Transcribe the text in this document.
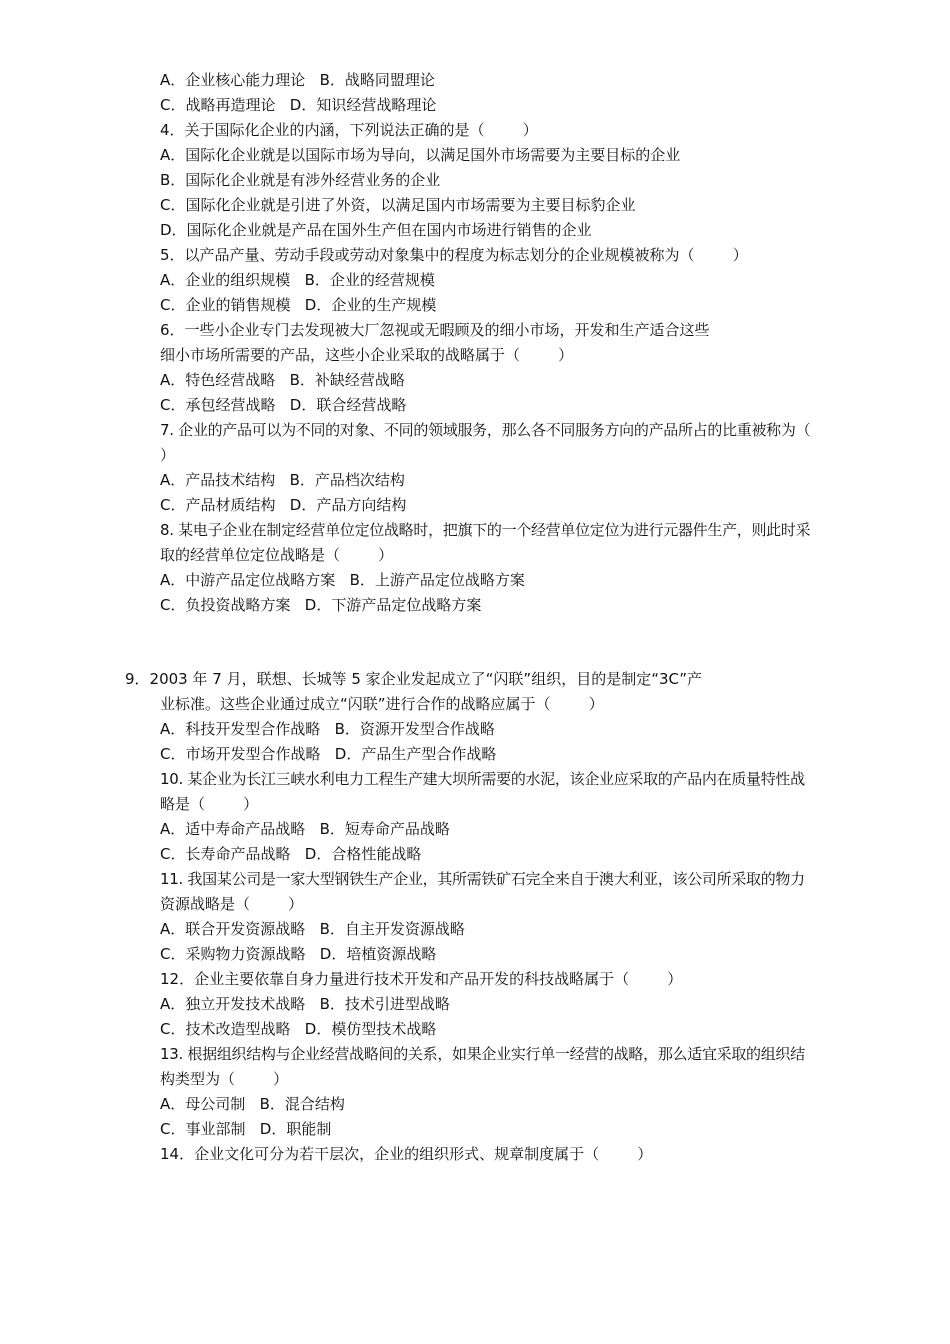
A．企业核心能力理论   B．战略同盟理论
C．战略再造理论   D．知识经营战略理论
4．关于国际化企业的内涵，下列说法正确的是（        ）
A．国际化企业就是以国际市场为导向，以满足国外市场需要为主要目标的企业
B．国际化企业就是有涉外经营业务的企业
C．国际化企业就是引进了外资，以满足国内市场需要为主要目标豹企业
D．国际化企业就是产品在国外生产但在国内市场进行销售的企业
5．以产品产量、劳动手段或劳动对象集中的程度为标志划分的企业规模被称为（        ）
A．企业的组织规模   B．企业的经营规模
C．企业的销售规模   D．企业的生产规模
6．一些小企业专门去发现被大厂忽视或无暇顾及的细小市场，开发和生产适合这些
细小市场所需要的产品，这些小企业采取的战略属于（        ）
A．特色经营战略   B．补缺经营战略
C．承包经营战略   D．联合经营战略
7. 企业的产品可以为不同的对象、不同的领域服务，那么各不同服务方向的产品所占的比重被称为（
）
A．产品技术结构   B．产品档次结构
C．产品材质结构   D．产品方向结构
8. 某电子企业在制定经营单位定位战略时，把旗下的一个经营单位定位为进行元器件生产，则此时采
取的经营单位定位战略是（        ）
A．中游产品定位战略方案   B．上游产品定位战略方案
C．负投资战略方案   D．下游产品定位战略方案
9．2003 年 7 月，联想、长城等 5 家企业发起成立了“闪联”组织，目的是制定“3C”产
业标准。这些企业通过成立“闪联”进行合作的战略应属于（        ）
A．科技开发型合作战略   B．资源开发型合作战略
C．市场开发型合作战略   D．产品生产型合作战略
10. 某企业为长江三峡水利电力工程生产建大坝所需要的水泥，该企业应采取的产品内在质量特性战
略是（        ）
A．适中寿命产品战略   B．短寿命产品战略
C．长寿命产品战略   D．合格性能战略
11. 我国某公司是一家大型钢铁生产企业，其所需铁矿石完全来自于澳大利亚，该公司所采取的物力
资源战略是（        ）
A．联合开发资源战略   B．自主开发资源战略
C．采购物力资源战略   D．培植资源战略
12．企业主要依靠自身力量进行技术开发和产品开发的科技战略属于（        ）
A．独立开发技术战略   B．技术引进型战略
C．技术改造型战略   D．模仿型技术战略
13. 根据组织结构与企业经营战略间的关系，如果企业实行单一经营的战略，那么适宜采取的组织结
构类型为（        ）
A．母公司制   B．混合结构
C．事业部制   D．职能制
14．企业文化可分为若干层次，企业的组织形式、规章制度属于（        ）
